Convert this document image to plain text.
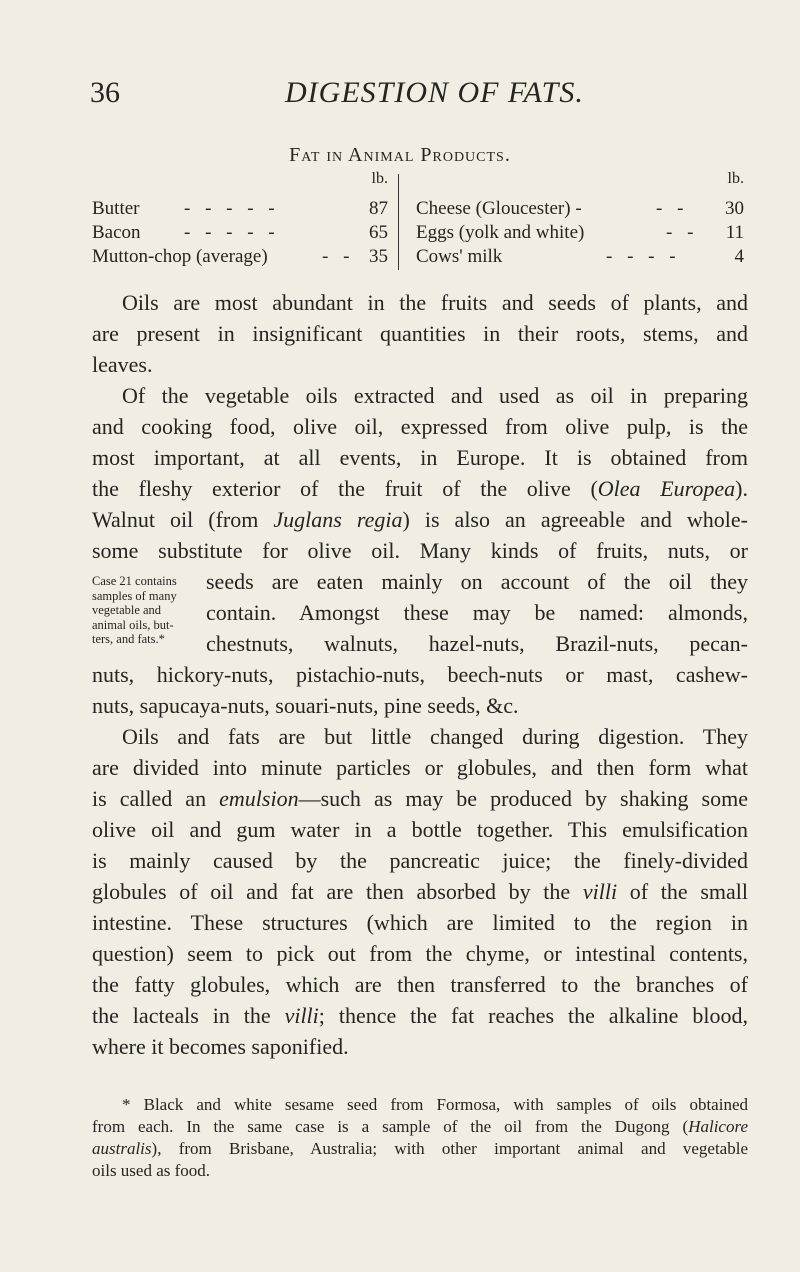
36	DIGESTION OF FATS.
Fat in Animal Products.
lb.
Butter - - - - -	87
Bacon - - - - -	65
Mutton-chop (average)	- - 35
lb.
Cheese (Gloucester) -	- - 30
Eggs (yolk and white)	- - 11
Cows' milk	- - - -	4
Oils are most abundant in the fruits and seeds of plants, and
are present in insignificant quantities in their roots, stems, and
leaves.
Of the vegetable oils extracted and used as oil in preparing
and cooking food, olive oil, expressed from olive pulp, is the
most important, at all events, in Europe. It is obtained from
the fleshy exterior of the fruit of the olive (Olea Europea).
Walnut oil (from Juglans regia) is also an agreeable and whole-
some substitute for olive oil. Many kinds of fruits, nuts, or
seeds are eaten mainly on account of the oil they
contain. Amongst these may be named: almonds,
chestnuts, walnuts, hazel-nuts, Brazil-nuts, pecan-
nuts, hickory-nuts, pistachio-nuts, beech-nuts or mast, cashew-
nuts, sapucaya-nuts, souari-nuts, pine seeds, &c.
Case 21 contains
samples of many
vegetable and
animal oils, but-
ters, and fats.*
Oils and fats are but little changed during digestion. They
are divided into minute particles or globules, and then form what
is called an emulsion—such as may be produced by shaking some
olive oil and gum water in a bottle together. This emulsification
is mainly caused by the pancreatic juice; the finely-divided
globules of oil and fat are then absorbed by the villi of the small
intestine. These structures (which are limited to the region in
question) seem to pick out from the chyme, or intestinal contents,
the fatty globules, which are then transferred to the branches of
the lacteals in the villi; thence the fat reaches the alkaline blood,
where it becomes saponified.
* Black and white sesame seed from Formosa, with samples of oils obtained
from each. In the same case is a sample of the oil from the Dugong (Halicore
australis), from Brisbane, Australia; with other important animal and vegetable
oils used as food.
